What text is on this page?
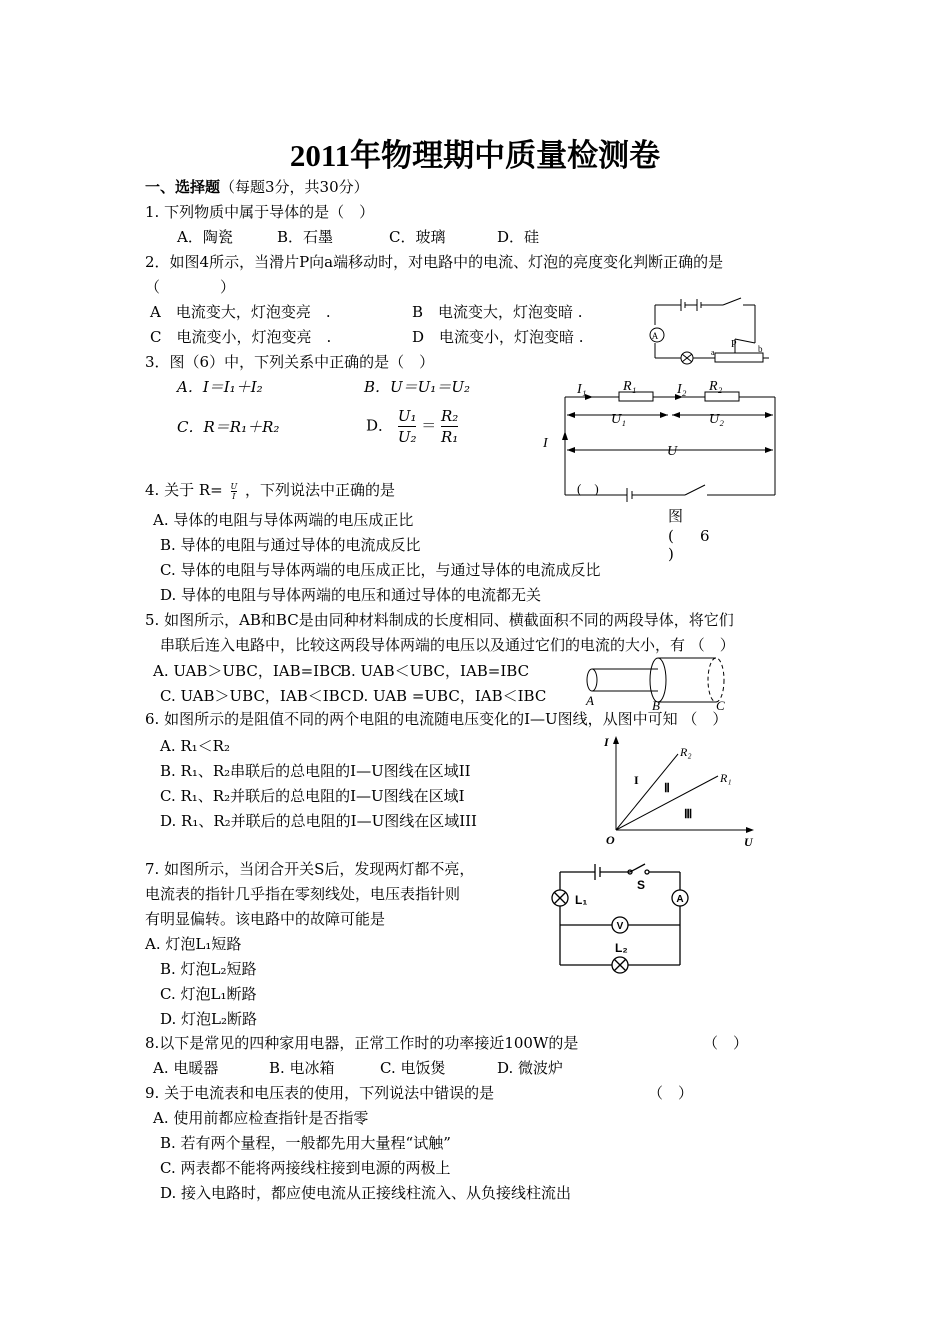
2011年物理期中质量检测卷
一、选择题（每题3分，共30分）
1. 下列物质中属于导体的是（　）
A．陶瓷	B．石墨	C．玻璃	D．硅
2．如图4所示，当滑片P向a端移动时，对电路中的电流、灯泡的亮度变化判断正确的是
（　　　　）
A　电流变大，灯泡变亮　.	B　电流变大，灯泡变暗 .
C　电流变小，灯泡变亮　.	D　电流变小，灯泡变暗 .	A
P
a	b
3．图（6）中，下列关系中正确的是（　）
A．I＝I₁＋I₂	B．U＝U₁＝U₂
C．R＝R₁＋R₂	D． $\frac{\text{U₁}}{\text{U₂}} = \frac{\text{R₂}}{\text{R₁}}$
I₁	R₁	I₂ R₂
U₁	U₂
I
U
(　)
图
( 6
)
4. 关于 $R= \frac{U}{I}$ ，下列说法中正确的是
A. 导体的电阻与导体两端的电压成正比
B. 导体的电阻与通过导体的电流成反比
C. 导体的电阻与导体两端的电压成正比，与通过导体的电流成反比
D. 导体的电阻与导体两端的电压和通过导体的电流都无关
5. 如图所示，AB和BC是由同种材料制成的长度相同、横截面积不同的两段导体，将它们
串联后连入电路中，比较这两段导体两端的电压以及通过它们的电流的大小，有 （　）
A. UAB＞UBC，IAB=IBC
B. UAB＜UBC，IAB=IBC
C. UAB＞UBC，IAB＜IBC D. UAB =UBC，IAB＜IBC	A	B	C
6. 如图所示的是阻值不同的两个电阻的电流随电压变化的I—U图线，从图中可知 （　）
A. R₁＜R₂
B. R₁、R₂串联后的总电阻的I—U图线在区域II
C. R₁、R₂并联后的总电阻的I—U图线在区域I
D. R₁、R₂并联后的总电阻的I—U图线在区域III
I
U
O
R₂
R₁
I
Ⅱ
Ⅲ
7. 如图所示，当闭合开关S后，发现两灯都不亮，
电流表的指针几乎指在零刻线处，电压表指针则
有明显偏转。该电路中的故障可能是
A. 灯泡L₁短路
B. 灯泡L₂短路
C. 灯泡L₁断路
D. 灯泡L₂断路
S
L₁
L₂
V
A
8.以下是常见的四种家用电器，正常工作时的功率接近100W的是	（　）
A. 电暖器	B. 电冰箱	C. 电饭煲	D. 微波炉
9. 关于电流表和电压表的使用，下列说法中错误的是	（　）
A. 使用前都应检查指针是否指零
B. 若有两个量程，一般都先用大量程“试触”
C. 两表都不能将两接线柱接到电源的两极上
D. 接入电路时，都应使电流从正接线柱流入、从负接线柱流出
